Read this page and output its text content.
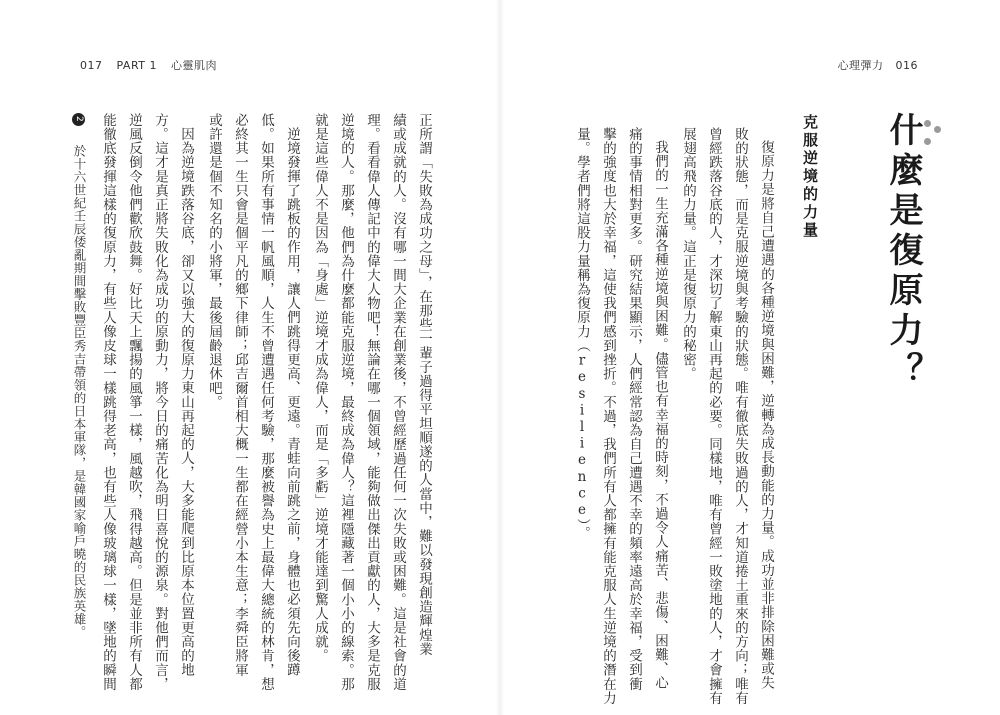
017 PART 1 心靈肌肉
正所謂「失敗為成功之母」，在那些一輩子過得平坦順遂的人當中，難以發現創造輝煌業
績或成就的人。沒有哪一間大企業在創業後，不曾經歷過任何一次失敗或困難。這是社會的道
理。看看偉人傳記中的偉大人物吧！無論在哪一個領域，能夠做出傑出貢獻的人，大多是克服
逆境的人。那麼，他們為什麼都能克服逆境，最終成為偉人？這裡隱藏著一個小小的線索。那
就是這些偉人不是因為「身處」逆境才成為偉人，而是「多虧」逆境才能達到驚人成就。
逆境發揮了跳板的作用，讓人們跳得更高、更遠。青蛙向前跳之前，身體也必須先向後蹲
低。如果所有事情一帆風順，人生不曾遭遇任何考驗，那麼被譽為史上最偉大總統的林肯，想
必終其一生只會是個平凡的鄉下律師；邱吉爾首相大概一生都在經營小本生意；李舜臣將軍
或許還是個不知名的小將軍，最後屆齡退休吧。
因為逆境跌落谷底，卻又以強大的復原力東山再起的人，大多能爬到比原本位置更高的地
方。這才是真正將失敗化為成功的原動力，將今日的痛苦化為明日喜悅的源泉。對他們而言，
逆風反倒令他們歡欣鼓舞。好比天上飄揚的風箏一樣，風越吹，飛得越高。但是並非所有人都
能徹底發揮這樣的復原力，有些人像皮球一樣跳得老高，也有些人像玻璃球一樣，墜地的瞬間
2 於十六世紀壬辰倭亂期間擊敗豐臣秀吉帶領的日本軍隊，是韓國家喻戶曉的民族英雄。
心理彈力 016
什麼是復原力？
克服逆境的力量
復原力是將自己遭遇的各種逆境與困難，逆轉為成長動能的力量。成功並非排除困難或失
敗的狀態，而是克服逆境與考驗的狀態。唯有徹底失敗過的人，才知道捲土重來的方向；唯有
曾經跌落谷底的人，才深切了解東山再起的必要。同樣地，唯有曾經一敗塗地的人，才會擁有
展翅高飛的力量。這正是復原力的秘密。
我們的一生充滿各種逆境與困難。儘管也有幸福的時刻，不過令人痛苦、悲傷、困難、心
痛的事情相對更多。研究結果顯示，人們經常認為自己遭遇不幸的頻率遠高於幸福，受到衝
擊的強度也大於幸福，這使我們感到挫折。不過，我們所有人都擁有能克服人生逆境的潛在力
量。學者們將這股力量稱為復原力（resilience）。
